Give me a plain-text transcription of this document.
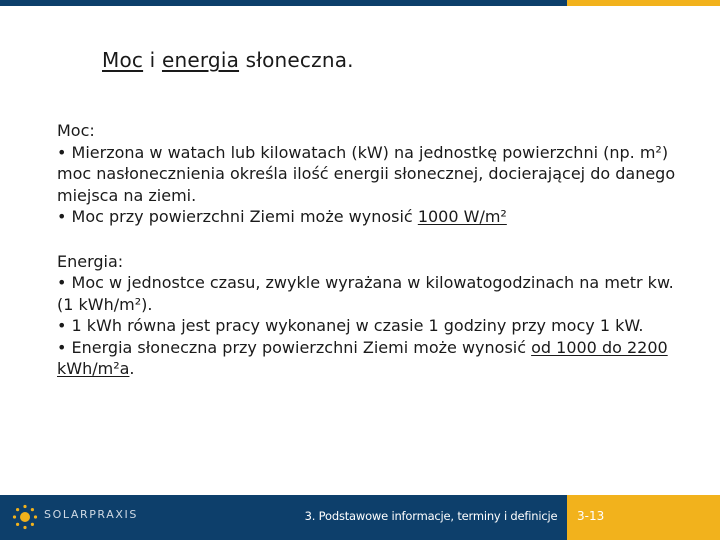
Moc i energia słoneczna.

Moc:

• Mierzona w watach lub kilowatach (kW) na jednostkę powierzchni (np. m²) moc nasłonecznienia określa ilość energii słonecznej, docierającej do danego miejsca na ziemi.

• Moc przy powierzchni Ziemi może wynosić 1000 W/m²

Energia:

• Moc w jednostce czasu, zwykle wyrażana w kilowatogodzinach na metr kw. (1 kWh/m²).

• 1 kWh równa jest pracy wykonanej w czasie 1 godziny przy mocy 1 kW.

• Energia słoneczna przy powierzchni Ziemi może wynosić od 1000 do 2200 kWh/m²a.

SOLARPRAXIS	3. Podstawowe informacje, terminy i definicje	3-13
